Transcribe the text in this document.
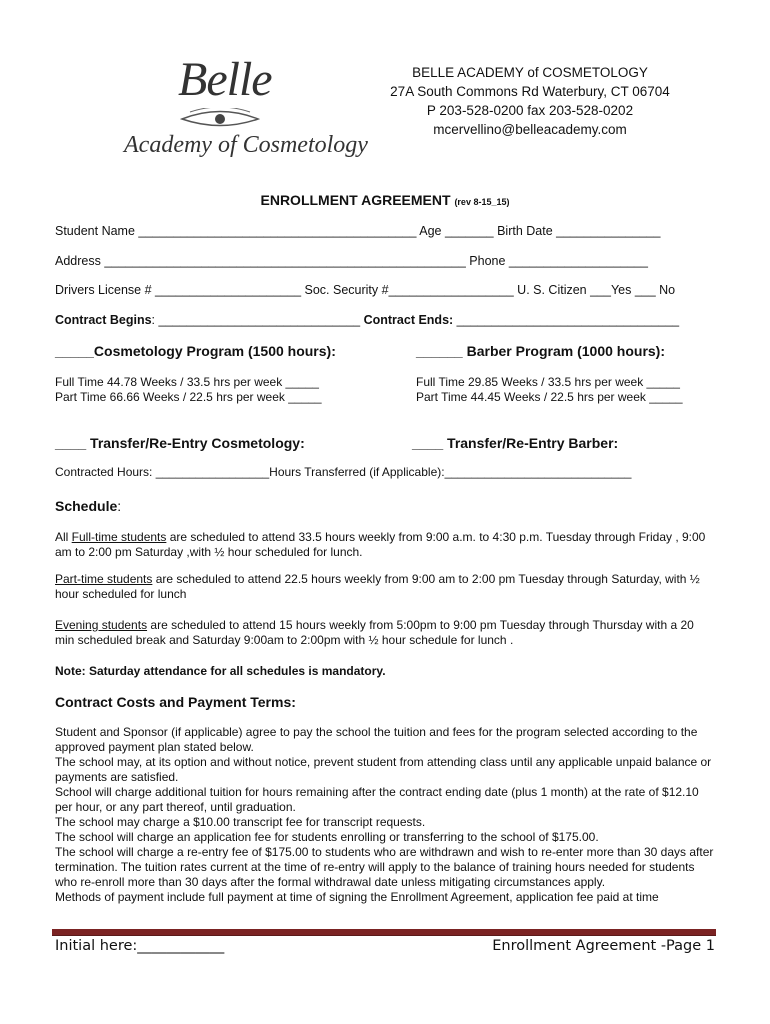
Belle
Academy of Cosmetology
BELLE ACADEMY of COSMETOLOGY
27A South Commons Rd Waterbury, CT 06704
P 203-528-0200 fax 203-528-0202
mcervellino@belleacademy.com
ENROLLMENT AGREEMENT (rev 8-15_15)
Student Name ________________________________________ Age _______ Birth Date _______________
Address ____________________________________________________ Phone ____________________
Drivers License # _____________________ Soc. Security #__________________ U. S. Citizen ___Yes ___ No
Contract Begins: _____________________________ Contract Ends: ________________________________
_____Cosmetology Program (1500 hours):	______ Barber Program (1000 hours):
Full Time 44.78 Weeks / 33.5 hrs per week _____
Part Time 66.66 Weeks / 22.5 hrs per week _____
Full Time 29.85 Weeks / 33.5 hrs per week _____
Part Time 44.45 Weeks / 22.5 hrs per week _____
____ Transfer/Re-Entry Cosmetology:	____ Transfer/Re-Entry Barber:
Contracted Hours: _________________Hours Transferred (if Applicable):____________________________
Schedule:
All Full-time students are scheduled to attend 33.5 hours weekly from 9:00 a.m. to 4:30 p.m. Tuesday through Friday , 9:00 am to 2:00 pm Saturday ,with ½ hour scheduled for lunch.
Part-time students are scheduled to attend 22.5 hours weekly from 9:00 am to 2:00 pm Tuesday through Saturday, with ½ hour scheduled for lunch
Evening students are scheduled to attend 15 hours weekly from 5:00pm to 9:00 pm Tuesday through Thursday with a 20 min scheduled break and Saturday 9:00am to 2:00pm with ½ hour schedule for lunch .
Note: Saturday attendance for all schedules is mandatory.
Contract Costs and Payment Terms:
Student and Sponsor (if applicable) agree to pay the school the tuition and fees for the program selected according to the approved payment plan stated below.
The school may, at its option and without notice, prevent student from attending class until any applicable unpaid balance or payments are satisfied.
School will charge additional tuition for hours remaining after the contract ending date (plus 1 month) at the rate of $12.10 per hour, or any part thereof, until graduation.
The school may charge a $10.00 transcript fee for transcript requests.
The school will charge an application fee for students enrolling or transferring to the school of $175.00.
The school will charge a re-entry fee of $175.00 to students who are withdrawn and wish to re-enter more than 30 days after termination. The tuition rates current at the time of re-entry will apply to the balance of training hours needed for students who re-enroll more than 30 days after the formal withdrawal date unless mitigating circumstances apply.
Methods of payment include full payment at time of signing the Enrollment Agreement, application fee paid at time
Initial here:____________	Enrollment Agreement -Page 1
